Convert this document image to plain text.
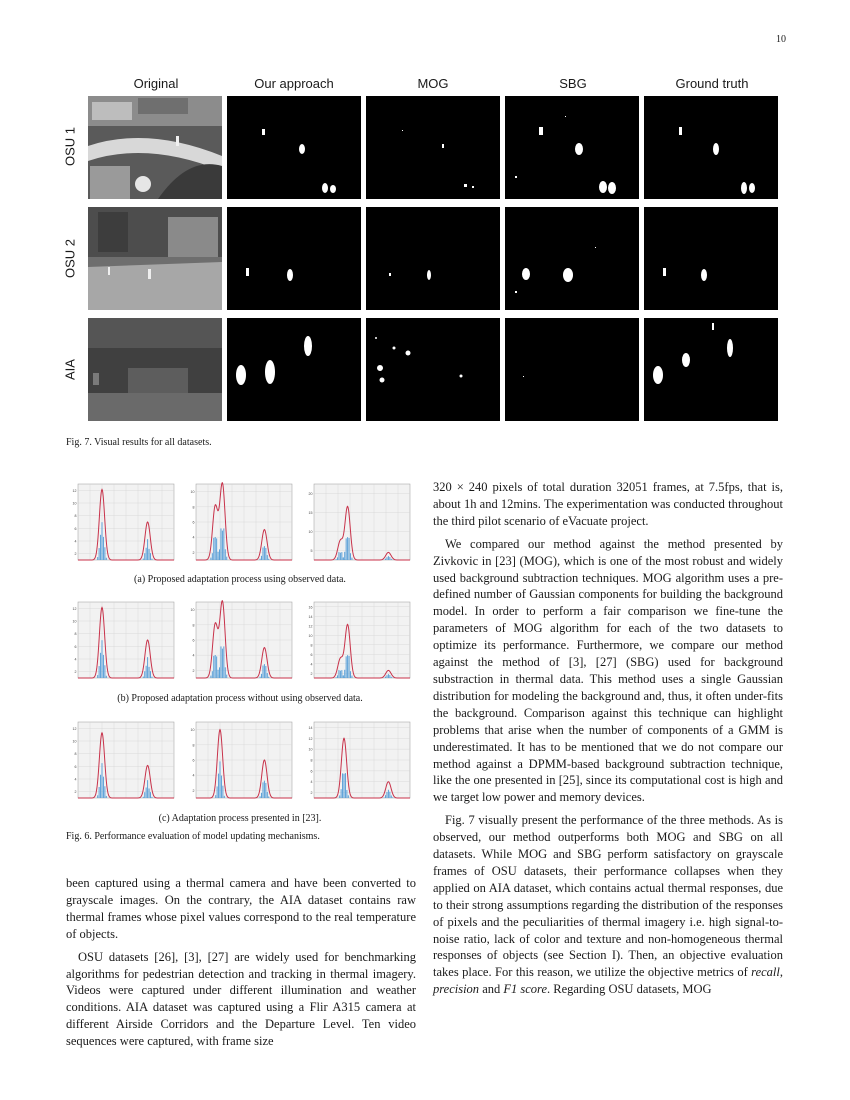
10
Original	Our approach	MOG	SBG	Ground truth
OSU 1
OSU 2
AIA
Fig. 7. Visual results for all datasets.
12
10
8
6
4
2
10
8
6
4
2
20
15
10
5
(a) Proposed adaptation process using observed data.
12
10
8
6
4
2
10
8
6
4
2
16
14
12
10
8
6
4
2
(b) Proposed adaptation process without using observed data.
12
10
8
6
4
2
10
8
6
4
2
14
12
10
8
6
4
2
(c) Adaptation process presented in [23].
Fig. 6. Performance evaluation of model updating mechanisms.

been captured using a thermal camera and have been converted to grayscale images. On the contrary, the AIA dataset contains raw thermal frames whose pixel values correspond to the real temperature of objects.

OSU datasets [26], [3], [27] are widely used for benchmarking algorithms for pedestrian detection and tracking in thermal imagery. Videos were captured under different illumination and weather conditions. AIA dataset was captured using a Flir A315 camera at different Airside Corridors and the Departure Level. Ten video sequences were captured, with frame size

320 × 240 pixels of total duration 32051 frames, at 7.5fps, that is, about 1h and 12mins. The experimentation was conducted throughout the third pilot scenario of eVacuate project.

We compared our method against the method presented by Zivkovic in [23] (MOG), which is one of the most robust and widely used background subtraction techniques. MOG algorithm uses a pre-defined number of Gaussian components for building the background model. In order to perform a fair comparison we fine-tune the parameters of MOG algorithm for each of the two datasets to optimize its performance. Furthermore, we compare our method against the method of [3], [27] (SBG) used for background substraction in thermal data. This method uses a single Gaussian distribution for modeling the background and, thus, it often under-fits the background. Comparison against this technique can highlight problems that arise when the number of components of a GMM is underestimated. It has to be mentioned that we do not compare our method against a DPMM-based background subtraction technique, like the one presented in [25], since its computational cost is high and we target low power and memory devices.

Fig. 7 visually present the performance of the three methods. As is observed, our method outperforms both MOG and SBG on all datasets. While MOG and SBG perform satisfactory on grayscale frames of OSU datasets, their performance collapses when they applied on AIA dataset, which contains actual thermal responses, due to their strong assumptions regarding the distribution of the responses of pixels and the peculiarities of thermal imagery i.e. high signal-to-noise ratio, lack of color and texture and non-homogeneous thermal responses of objects (see Section I). Then, an objective evaluation takes place. For this reason, we utilize the objective metrics of recall, precision and F1 score. Regarding OSU datasets, MOG
